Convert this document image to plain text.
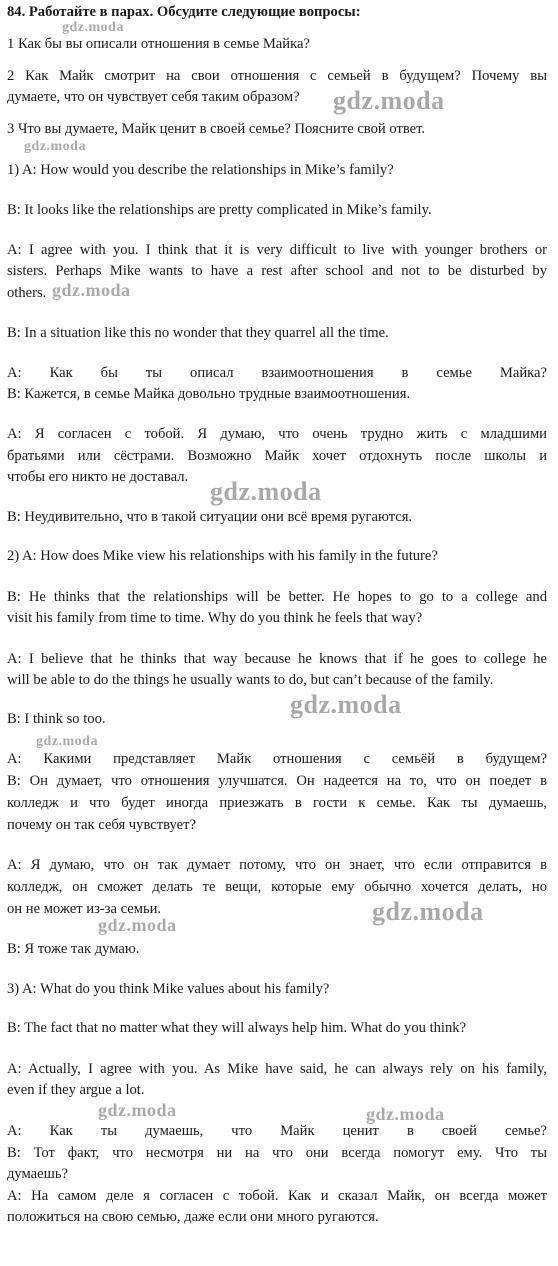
84. Работайте в парах. Обсудите следующие вопросы:
1 Как бы вы описали отношения в семье Майка?
2 Как Майк смотрит на свои отношения с семьей в будущем? Почему вы
думаете, что он чувствует себя таким образом?
3 Что вы думаете, Майк ценит в своей семье? Поясните свой ответ.
1) A: How would you describe the relationships in Mike’s family?
B: It looks like the relationships are pretty complicated in Mike’s family.
A: I agree with you. I think that it is very difficult to live with younger brothers or
sisters. Perhaps Mike wants to have a rest after school and not to be disturbed by
others.
B: In a situation like this no wonder that they quarrel all the time.
A: Как бы ты описал взаимоотношения в семье Майка?
B: Кажется, в семье Майка довольно трудные взаимоотношения.
A: Я согласен с тобой. Я думаю, что очень трудно жить с младшими
братьями или сёстрами. Возможно Майк хочет отдохнуть после школы и
чтобы его никто не доставал.
B: Неудивительно, что в такой ситуации они всё время ругаются.
2) A: How does Mike view his relationships with his family in the future?
B: He thinks that the relationships will be better. He hopes to go to a college and
visit his family from time to time. Why do you think he feels that way?
A: I believe that he thinks that way because he knows that if he goes to college he
will be able to do the things he usually wants to do, but can’t because of the family.
B: I think so too.
A: Какими представляет Майк отношения с семьёй в будущем?
B: Он думает, что отношения улучшатся. Он надеется на то, что он поедет в
колледж и что будет иногда приезжать в гости к семье. Как ты думаешь,
почему он так себя чувствует?
A: Я думаю, что он так думает потому, что он знает, что если отправится в
колледж, он сможет делать те вещи, которые ему обычно хочется делать, но
он не может из-за семьи.
B: Я тоже так думаю.
3) A: What do you think Mike values about his family?
B: The fact that no matter what they will always help him. What do you think?
A: Actually, I agree with you. As Mike have said, he can always rely on his family,
even if they argue a lot.
A: Как ты думаешь, что Майк ценит в своей семье?
B: Тот факт, что несмотря ни на что они всегда помогут ему. Что ты
думаешь?
A: На самом деле я согласен с тобой. Как и сказал Майк, он всегда может
положиться на свою семью, даже если они много ругаются.
gdz.moda
gdz.moda
gdz.moda
gdz.moda
gdz.moda
gdz.moda
gdz.moda
gdz.moda	gdz.moda
gdz.moda	gdz.moda
